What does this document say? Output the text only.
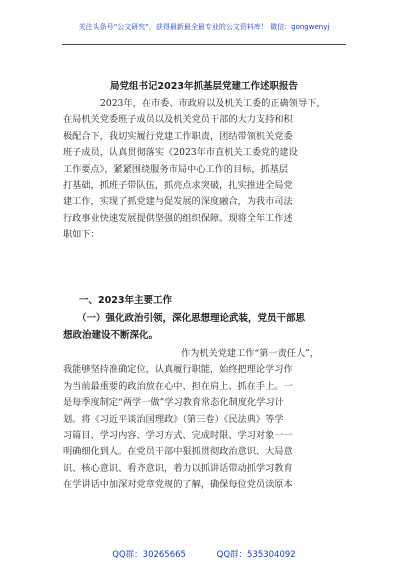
关注头条号“公文研究”，获得最新最全最专业的公文资料库！ 微信：gongwenyj
局党组书记2023年抓基层党建工作述职报告
2023年，在市委、市政府以及机关工委的正确领导下，
在局机关党委班子成员以及机关党员干部的大力支持和积
极配合下，我切实履行党建工作职责，团结带领机关党委
班子成员，认真贯彻落实《2023年市直机关工委党的建设
工作要点》，紧紧围绕服务市局中心工作的目标，抓基层
打基础，抓班子带队伍，抓亮点求突破，扎实推进全局党
建工作，实现了抓党建与促发展的深度融合，为我市司法
行政事业快速发展提供坚强的组织保障。现将全年工作述
职如下：
一、2023年主要工作
（一）强化政治引领，深化思想理论武装，党员干部思
想政治建设不断深化。
作为机关党建工作“第一责任人”，
我能够坚持准确定位，认真履行职能，始终把理论学习作
为当前最重要的政治放在心中、担在肩上、抓在手上。一
是每季度制定“两学一做”学习教育常态化制度化学习计
划。将《习近平谈治国理政》（第三卷）《民法典》等学
习篇目、学习内容、学习方式、完成时限、学习对象一一
明确细化到人。在党员干部中狠抓贯彻政治意识、大局意
识、核心意识、看齐意识，着力以抓讲话带动抓学习教育
在学讲话中加深对党章党规的了解，确保每位党员读原本
QQ群：30265665	QQ群：535304092
